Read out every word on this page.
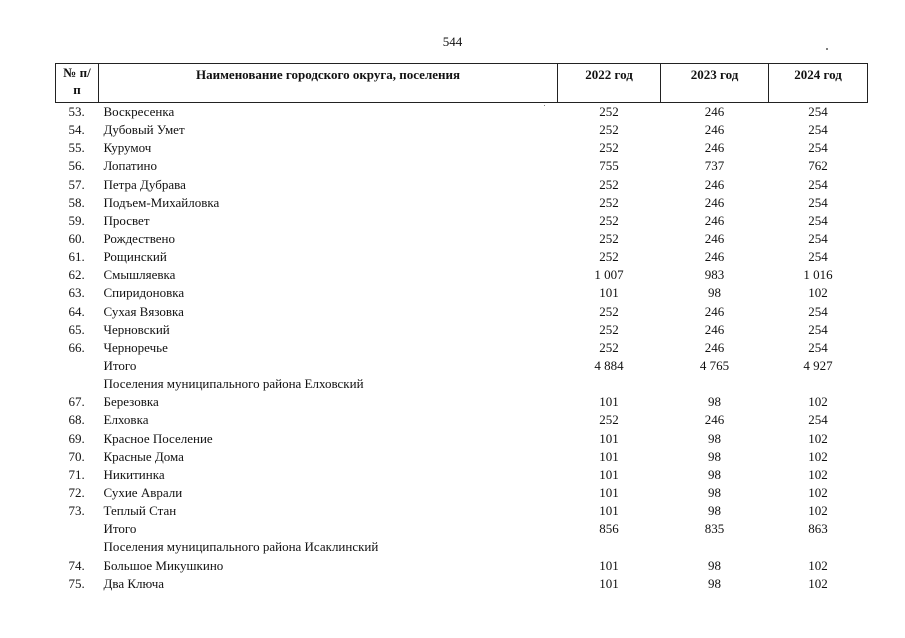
544
№ п/п	Наименование городского округа, поселения	2022 год	2023 год	2024 год
53.	Воскресенка	252	246	254
54.	Дубовый Умет	252	246	254
55.	Курумоч	252	246	254
56.	Лопатино	755	737	762
57.	Петра Дубрава	252	246	254
58.	Подъем-Михайловка	252	246	254
59.	Просвет	252	246	254
60.	Рождествено	252	246	254
61.	Рощинский	252	246	254
62.	Смышляевка	1 007	983	1 016
63.	Спиридоновка	101	98	102
64.	Сухая Вязовка	252	246	254
65.	Черновский	252	246	254
66.	Черноречье	252	246	254
	Итого	4 884	4 765	4 927
	Поселения муниципального района Елховский			
67.	Березовка	101	98	102
68.	Елховка	252	246	254
69.	Красное Поселение	101	98	102
70.	Красные Дома	101	98	102
71.	Никитинка	101	98	102
72.	Сухие Аврали	101	98	102
73.	Теплый Стан	101	98	102
	Итого	856	835	863
	Поселения муниципального района Исаклинский			
74.	Большое Микушкино	101	98	102
75.	Два Ключа	101	98	102
